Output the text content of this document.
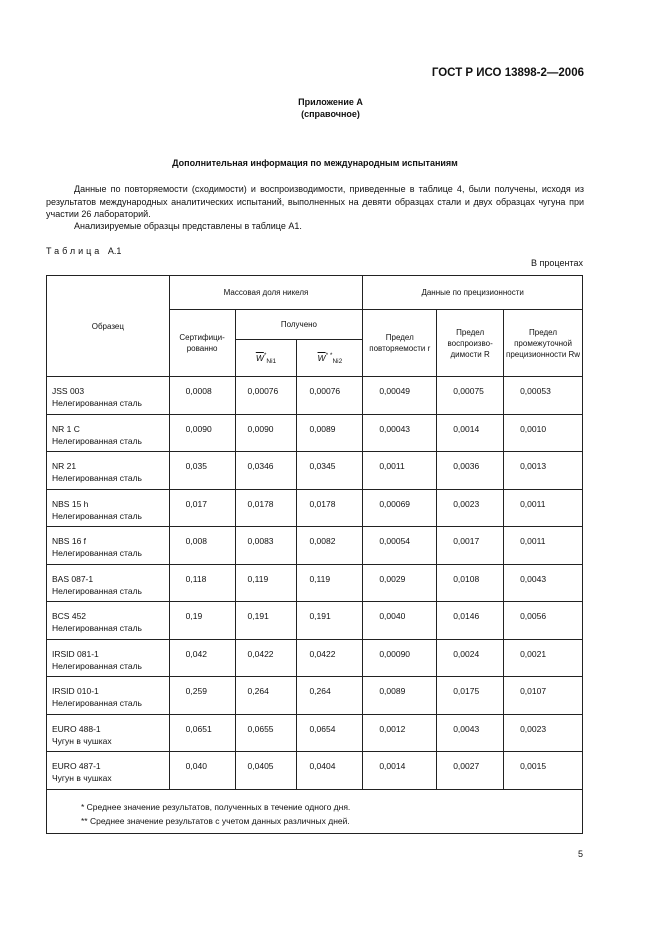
ГОСТ Р ИСО 13898-2—2006
Приложение А
(справочное)
Дополнительная информация по международным испытаниям

Данные по повторяемости (сходимости) и воспроизводимости, приведенные в таблице 4, были получены, исходя из результатов международных аналитических испытаний, выполненных на девяти образцах стали и двух образцах чугуна при участии 26 лабораторий.

Анализируемые образцы представлены в таблице А1.

Таблица А.1
В процентах
Образец	Массовая доля никеля			Данные по прецизионности		
	Сертифици-рованно	Получено		Предел повторяемости r	Предел воспроизво-димости R	Предел промежуточной прецизионности Rw
		$\overline{W}^*_{Ni1}$	$\overline{W}^{* *}_{Ni2}$

JSS 003
Нелегированная сталь	0,0008	0,00076	0,00076	0,00049	0,00075	0,00053

NR 1 C
Нелегированная сталь	0,0090	0,0090	0,0089	0,00043	0,0014	0,0010

NR 21
Нелегированная сталь	0,035	0,0346	0,0345	0,0011	0,0036	0,0013

NBS 15 h
Нелегированная сталь	0,017	0,0178	0,0178	0,00069	0,0023	0,0011

NBS 16 f
Нелегированная сталь	0,008	0,0083	0,0082	0,00054	0,0017	0,0011

BAS 087-1
Нелегированная сталь	0,118	0,119	0,119	0,0029	0,0108	0,0043

BCS 452
Нелегированная сталь	0,19	0,191	0,191	0,0040	0,0146	0,0056

IRSID 081-1
Нелегированная сталь	0,042	0,0422	0,0422	0,00090	0,0024	0,0021

IRSID 010-1
Нелегированная сталь	0,259	0,264	0,264	0,0089	0,0175	0,0107

EURO 488-1
Чугун в чушках	0,0651	0,0655	0,0654	0,0012	0,0043	0,0023

EURO 487-1
Чугун в чушках	0,040	0,0405	0,0404	0,0014	0,0027	0,0015

* Среднее значение результатов, полученных в течение одного дня.
** Среднее значение результатов с учетом данных различных дней.						
5
